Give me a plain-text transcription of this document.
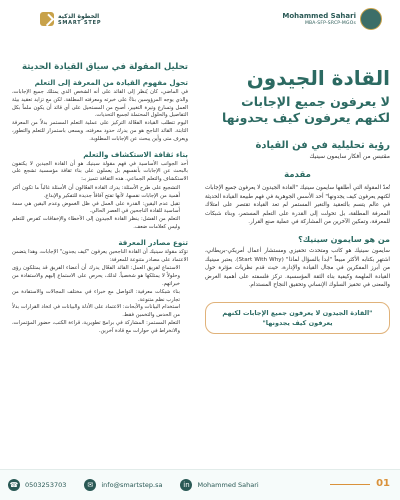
الخطوة الذكية
SMART STEP
Mohammed Sahari
MBA-SFP-SRCP-MGOs
القادة الجيدون
لا يعرفون جميع الإجابات لكنهم يعرفون كيف يحدونها
رؤية تحليلية في فن القيادة
مقتبس من أفكار سايمون سينيك
مقدمة

تُعدّ المقولة التي أطلقها سايمون سينيك "القادة الجيدون لا يعرفون جميع الإجابات لكنهم يعرفون كيف يجدونها" أحد الأسس الجوهرية في فهم طبيعة القيادة الحديثة في عالم يتسم بالتعقيد والتغير المستمر لم تعد القيادة تقتصر على امتلاك المعرفة المطلقة، بل تحولت إلى القدرة على التعلم المستمر، وبناء شبكات للمعرفة، وتمكين الآخرين من المشاركة في عملية صنع القرار.

من هو سايمون سينيك؟

سايمون سينيك هو كاتب ومتحدث تحفيزي ومستشار أعمال أمريكي-بريطاني، اشتهر بكتابه الأكثر مبيعاً "ابدأ بالسؤال لماذا" (Start With Why). يعتبر سينيك من أبرز المفكرين في مجال القيادة والإدارة، حيث قدم نظريات مؤثرة حول القيادة الملهمة وكيفية بناء الثقة المؤسسية. تركز فلسفته على أهمية الغرض والمعنى في تحفيز السلوك الإنساني وتحقيق النجاح المستدام.

"القادة الجيدون لا يعرفون جميع الإجابات لكنهم يعرفون كيف يجدونها"
تحليل المقولة في سياق القيادة الحديثة
تحول مفهوم القيادة من المعرفة إلى التعلم

في الماضي، كان يُنظر إلى القائد على أنه الشخص الذي يمتلك جميع الإجابات، والذي يوجه المرؤوسين بناءً على خبرته ومعرفته المطلقة. لكن مع تزايد تعقيد بيئة العمل وتسارع وتيرة التغيير، أصبح من المستحيل على أي قائد أن يكون ملماً بكل التفاصيل والحلول المحتملة لجميع التحديات.

اليوم تتطلب القيادة الفعّالة التركيز على عملية التعلم المستمر بدلاً من المعرفة الثابتة. القائد الناجح هو من يدرك حدود معرفته، ويسعى باستمرار للتعلم والتطور، ويعرف متى وأين يبحث عن الإجابات المطلوبة.

بناء ثقافة الاستكشاف والتعلم

أحد الجوانب الأساسية في فهم مقولة سينيك هو أن القادة الجيدين لا يكتفون بالبحث عن الإجابات بأنفسهم بل يعملون على بناء ثقافة مؤسسية تشجع على الاستكشاف والتعلم الجماعي. هذه الثقافة تتميز بـ:

• التشجيع على طرح الأسئلة: يدرك القادة الفعّالون أن الأسئلة غالباً ما تكون أكثر أهمية من الإجابات نفسها، لأنها تفتح آفاقاً جديدة للتفكير والإبداع.
• تقبل عدم اليقين: القدرة على العمل في ظل الغموض وعدم اليقين هي سمة أساسية للقادة الناجحين في العصر الحالي.
• التعلم من الفشل: ينظر القادة الجيدون إلى الأخطاء والإخفاقات كفرص للتعلم وليس كعلامات ضعف.
تنوع مصادر المعرفة

تؤكد مقولة سينيك أن القادة الناجحين يعرفون "كيف يجدون" الإجابات، وهذا يتضمن الاعتماد على مصادر متنوعة للمعرفة:

• الاستماع لفريق العمل: القائد الفعّال يدرك أن أعضاء الفريق قد يمتلكون رؤى وحلولاً لا يمتلكها هو شخصياً. لذلك، يحرص على الاستماع إليهم والاستفادة من خبراتهم.
• بناء شبكات معرفية: التواصل مع خبراء في مختلف المجالات والاستفادة من تجارب نظم متنوعة.
• استخدام البيانات والأبحاث: الاعتماد على الأدلة والبيانات في اتخاذ القرارات بدلاً من الحدس والتخمين فقط.
• التعلم المستمر: المشاركة في برامج تطويرية، قراءة الكتب، حضور المؤتمرات، والانخراط في حوارات مع قادة آخرين.
☎ 0503253703	✉	info@smartstep.sa	in	Mohammed Sahari	01
